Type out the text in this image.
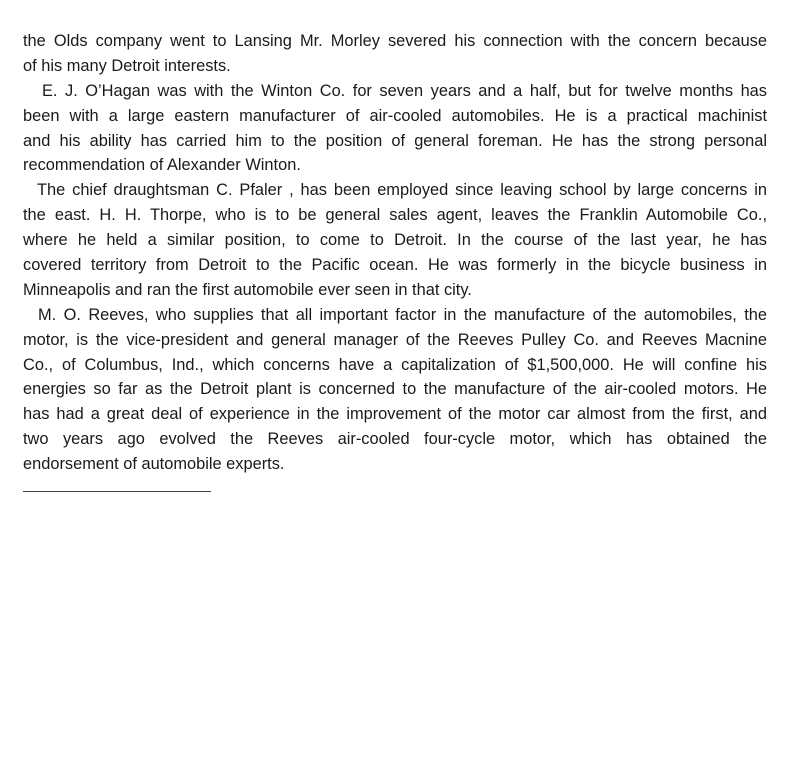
the Olds company went to Lansing Mr. Morley severed his connection with the concern because
of his many Detroit interests.
E. J. O’Hagan was with the Winton Co. for seven years and a half, but for twelve months has
been with a large eastern manufacturer of air-cooled automobiles. He is a practical machinist
and his ability has carried him to the position of general foreman. He has the strong personal
recommendation of Alexander Winton.
The chief draughtsman C. Pfaler , has been employed since leaving school by large concerns in
the east. H. H. Thorpe, who is to be general sales agent, leaves the Franklin Automobile Co.,
where he held a similar position, to come to Detroit. In the course of the last year, he has
covered territory from Detroit to the Pacific ocean. He was formerly in the bicycle business in
Minneapolis and ran the first automobile ever seen in that city.
M. O. Reeves, who supplies that all important factor in the manufacture of the automobiles, the
motor, is the vice-president and general manager of the Reeves Pulley Co. and Reeves Macnine
Co., of Columbus, Ind., which concerns have a capitalization of $1,500,000. He will confine his
energies so far as the Detroit plant is concerned to the manufacture of the air-cooled motors. He
has had a great deal of experience in the improvement of the motor car almost from the first, and
two years ago evolved the Reeves air-cooled four-cycle motor, which has obtained the
endorsement of automobile experts.
